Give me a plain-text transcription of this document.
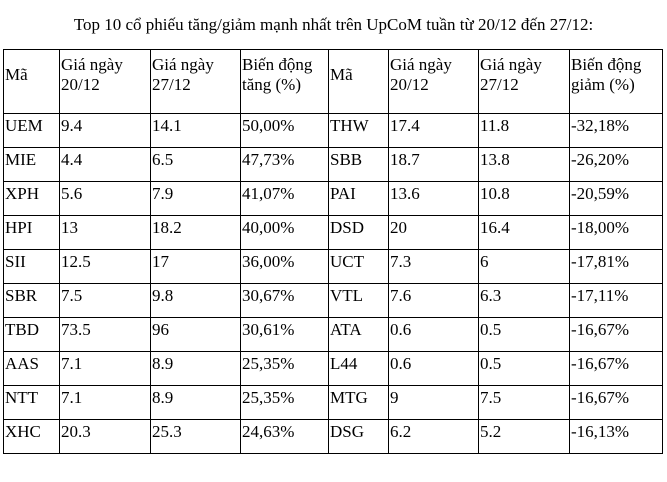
Top 10 cổ phiếu tăng/giảm mạnh nhất trên UpCoM tuần từ 20/12 đến 27/12:
Mã	Giá ngày 20/12	Giá ngày 27/12	Biến động tăng (%)	Mã	Giá ngày 20/12	Giá ngày 27/12	Biến động giảm (%)
UEM	9.4	14.1	50,00%	THW	17.4	11.8	-32,18%
MIE	4.4	6.5	47,73%	SBB	18.7	13.8	-26,20%
XPH	5.6	7.9	41,07%	PAI	13.6	10.8	-20,59%
HPI	13	18.2	40,00%	DSD	20	16.4	-18,00%
SII	12.5	17	36,00%	UCT	7.3	6	-17,81%
SBR	7.5	9.8	30,67%	VTL	7.6	6.3	-17,11%
TBD	73.5	96	30,61%	ATA	0.6	0.5	-16,67%
AAS	7.1	8.9	25,35%	L44	0.6	0.5	-16,67%
NTT	7.1	8.9	25,35%	MTG	9	7.5	-16,67%
XHC	20.3	25.3	24,63%	DSG	6.2	5.2	-16,13%
